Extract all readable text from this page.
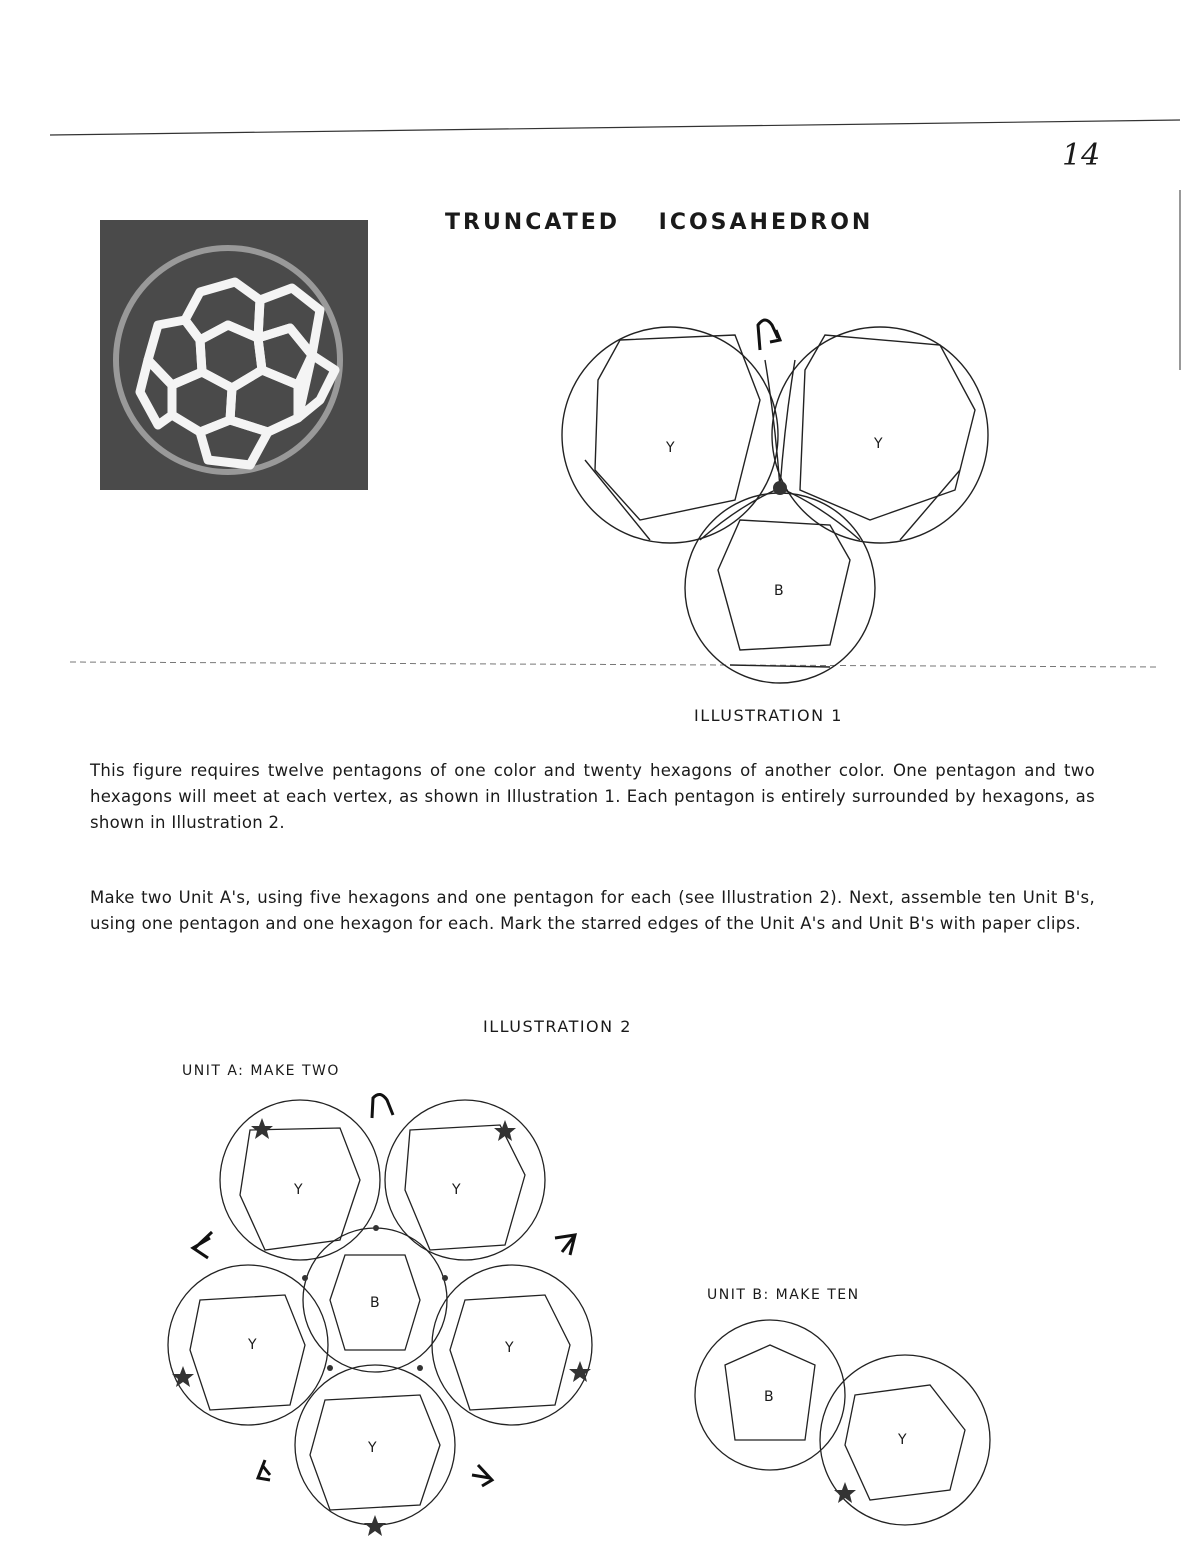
14
TRUNCATED ICOSAHEDRON
Y	Y
B
ILLUSTRATION 1
This figure requires twelve pentagons of one color and twenty hexagons of another color. One pentagon and two hexagons will meet at each vertex, as shown in Illustration 1. Each pentagon is entirely surrounded by hexagons, as shown in Illustration 2.
Make two Unit A's, using five hexagons and one pentagon for each (see Illustration 2). Next, assemble ten Unit B's, using one pentagon and one hexagon for each. Mark the starred edges of the Unit A's and Unit B's with paper clips.
ILLUSTRATION 2
UNIT A: MAKE TWO
UNIT B: MAKE TEN
Y	Y
B
Y	Y
Y
B
Y
